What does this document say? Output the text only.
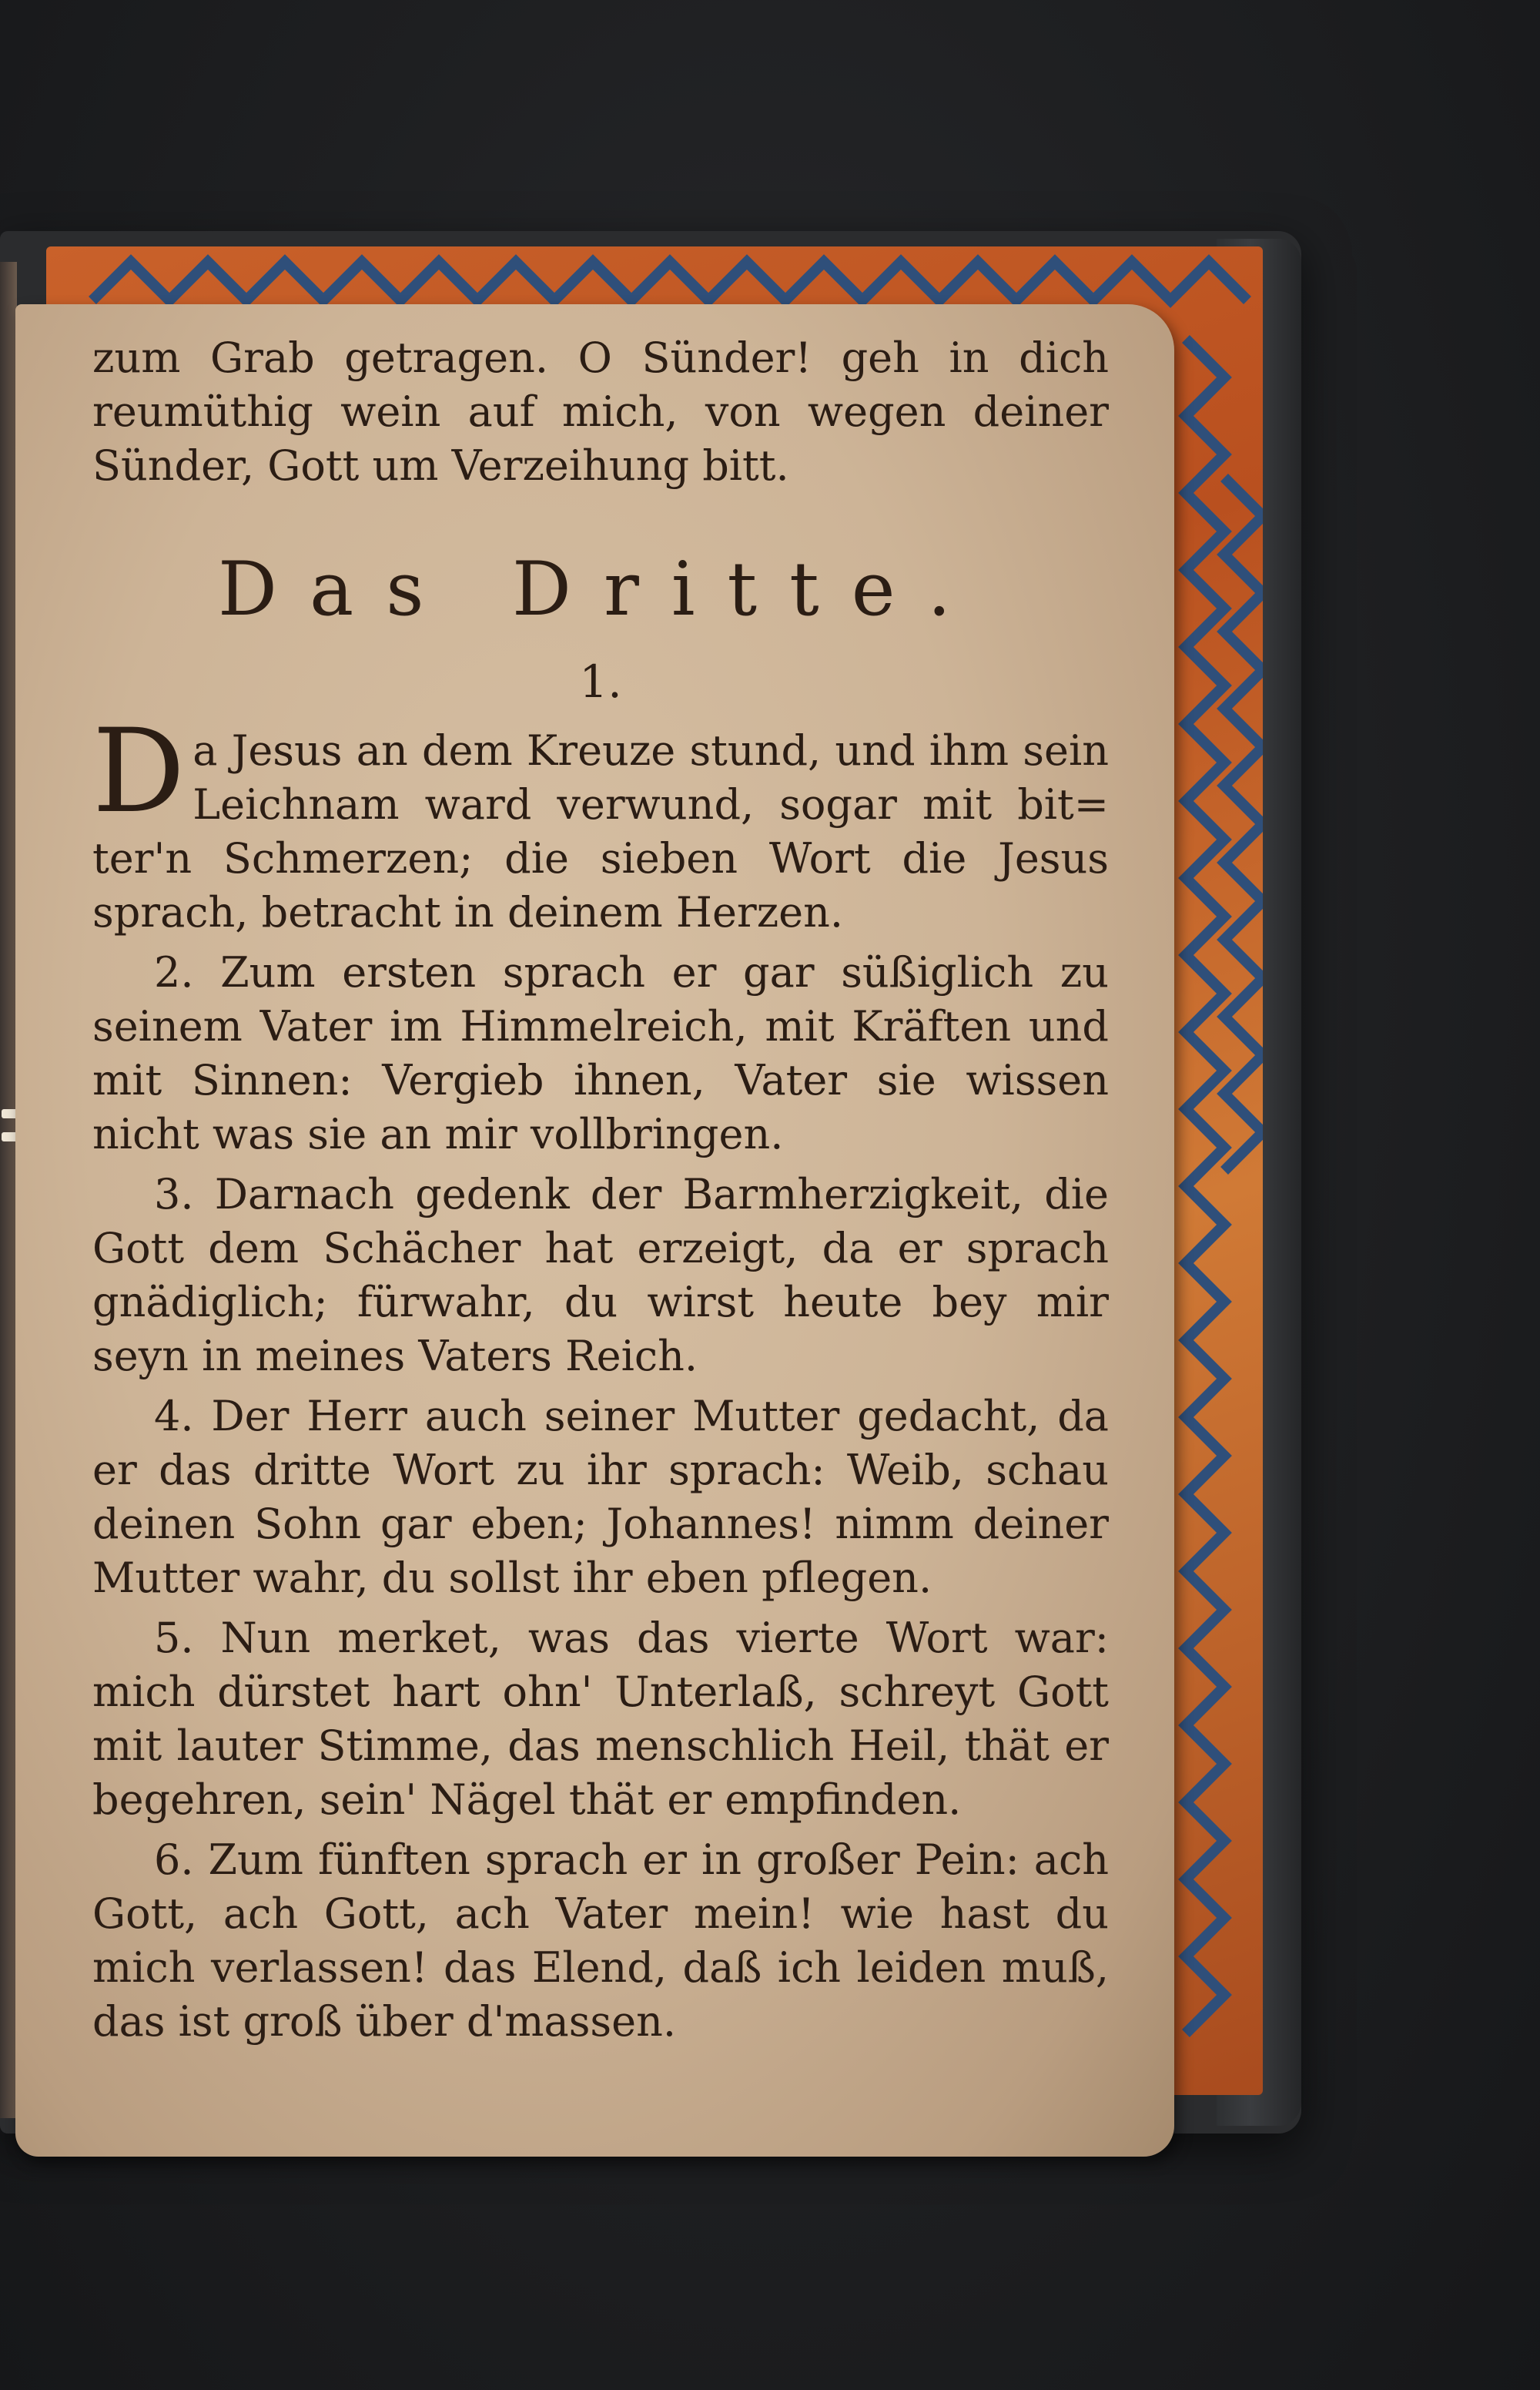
zum Grab getragen. O Sünder! geh in dich reumüthig wein auf mich, von wegen deiner Sünder, Gott um Verzeihung bitt.

Das Dritte.

1.

D a Jesus an dem Kreuze stund, und ihm sein Leichnam ward verwund, sogar mit bit= ter'n Schmerzen; die sieben Wort die Jesus sprach, betracht in deinem Herzen.

2. Zum ersten sprach er gar süßiglich zu seinem Vater im Himmelreich, mit Kräften und mit Sinnen: Vergieb ihnen, Vater sie wissen nicht was sie an mir vollbringen.

3. Darnach gedenk der Barmherzigkeit, die Gott dem Schächer hat erzeigt, da er sprach gnädiglich; fürwahr, du wirst heute bey mir seyn in meines Vaters Reich.

4. Der Herr auch seiner Mutter gedacht, da er das dritte Wort zu ihr sprach: Weib, schau deinen Sohn gar eben; Johannes! nimm deiner Mutter wahr, du sollst ihr eben pflegen.

5. Nun merket, was das vierte Wort war: mich dürstet hart ohn' Unterlaß, schreyt Gott mit lauter Stimme, das menschlich Heil, thät er begehren, sein' Nägel thät er empfinden.

6. Zum fünften sprach er in großer Pein: ach Gott, ach Gott, ach Vater mein! wie hast du mich verlassen! das Elend, daß ich leiden muß, das ist groß über d'massen.
